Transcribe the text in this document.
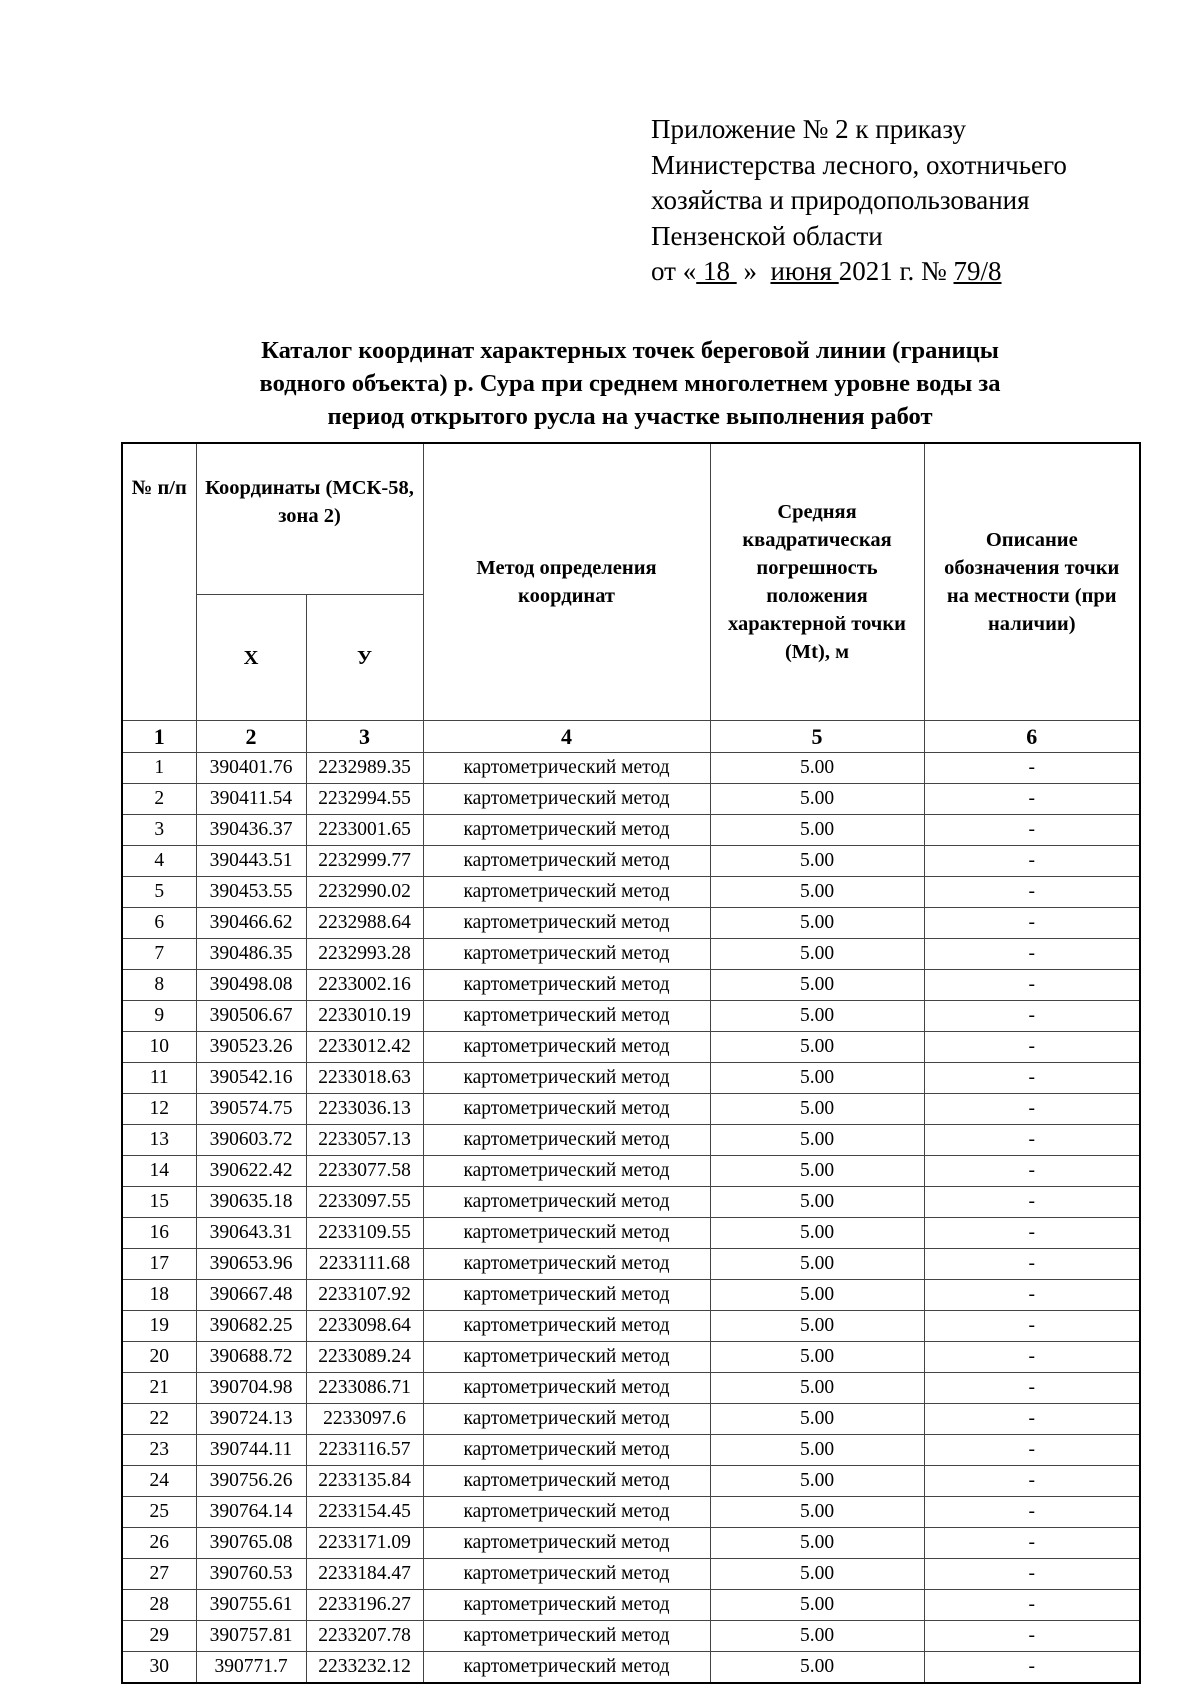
Приложение № 2 к приказу
Министерства лесного, охотничьего
хозяйства и природопользования
Пензенской области
от « 18  »  июня 2021 г. № 79/8
Каталог координат характерных точек береговой линии (границы
водного объекта) р. Сура при среднем многолетнем уровне воды за
период открытого русла на участке выполнения работ
№ п/п	Координаты (МСК-58, зона 2)		Метод определения координат	Средняя квадратическая погрешность положения характерной точки (Mt), м	Описание обозначения точки на местности (при наличии)
	Х	У			
1	2	3	4	5	6
1	390401.76	2232989.35	картометрический метод	5.00	-
2	390411.54	2232994.55	картометрический метод	5.00	-
3	390436.37	2233001.65	картометрический метод	5.00	-
4	390443.51	2232999.77	картометрический метод	5.00	-
5	390453.55	2232990.02	картометрический метод	5.00	-
6	390466.62	2232988.64	картометрический метод	5.00	-
7	390486.35	2232993.28	картометрический метод	5.00	-
8	390498.08	2233002.16	картометрический метод	5.00	-
9	390506.67	2233010.19	картометрический метод	5.00	-
10	390523.26	2233012.42	картометрический метод	5.00	-
11	390542.16	2233018.63	картометрический метод	5.00	-
12	390574.75	2233036.13	картометрический метод	5.00	-
13	390603.72	2233057.13	картометрический метод	5.00	-
14	390622.42	2233077.58	картометрический метод	5.00	-
15	390635.18	2233097.55	картометрический метод	5.00	-
16	390643.31	2233109.55	картометрический метод	5.00	-
17	390653.96	2233111.68	картометрический метод	5.00	-
18	390667.48	2233107.92	картометрический метод	5.00	-
19	390682.25	2233098.64	картометрический метод	5.00	-
20	390688.72	2233089.24	картометрический метод	5.00	-
21	390704.98	2233086.71	картометрический метод	5.00	-
22	390724.13	2233097.6	картометрический метод	5.00	-
23	390744.11	2233116.57	картометрический метод	5.00	-
24	390756.26	2233135.84	картометрический метод	5.00	-
25	390764.14	2233154.45	картометрический метод	5.00	-
26	390765.08	2233171.09	картометрический метод	5.00	-
27	390760.53	2233184.47	картометрический метод	5.00	-
28	390755.61	2233196.27	картометрический метод	5.00	-
29	390757.81	2233207.78	картометрический метод	5.00	-
30	390771.7	2233232.12	картометрический метод	5.00	-
